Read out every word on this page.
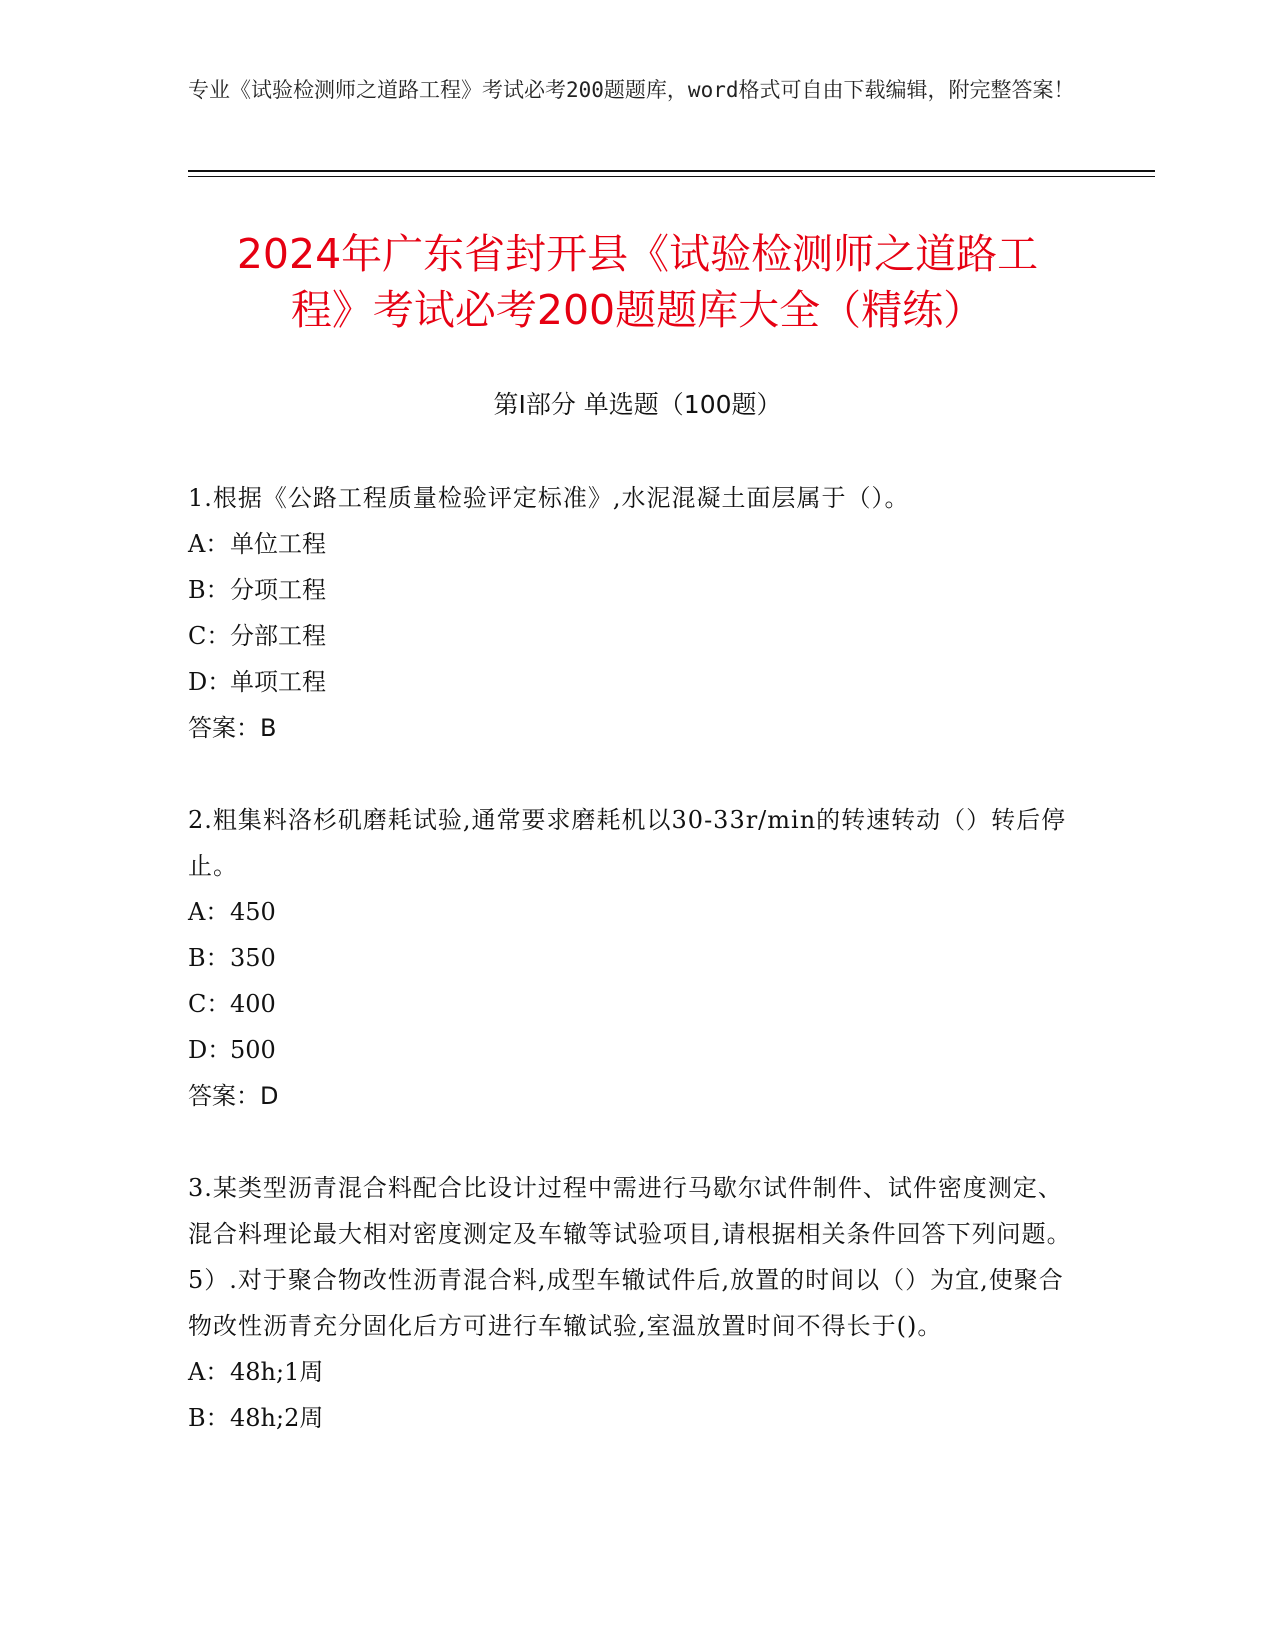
专业《试验检测师之道路工程》考试必考200题题库，word格式可自由下载编辑，附完整答案！
2024年广东省封开县《试验检测师之道路工
程》考试必考200题题库大全（精练）
第I部分 单选题（100题）

1.根据《公路工程质量检验评定标准》,水泥混凝土面层属于（）。

A： 单位工程

B： 分项工程

C： 分部工程

D：
单项工程

答案：B

2.粗集料洛杉矶磨耗试验,通常要求磨耗机以30-33r/min的转速转动（）转后停止。

A： 450

B： 350

C： 400

D：
500

答案：D

3.某类型沥青混合料配合比设计过程中需进行马歇尔试件制件、试件密度测定、混合料理论最大相对密度测定及车辙等试验项目,请根据相关条件回答下列问题。5）.对于聚合物改性沥青混合料,成型车辙试件后,放置的时间以（）为宜,使聚合物改性沥青充分固化后方可进行车辙试验,室温放置时间不得长于()。

A： 48h;1周

B： 48h;2周
